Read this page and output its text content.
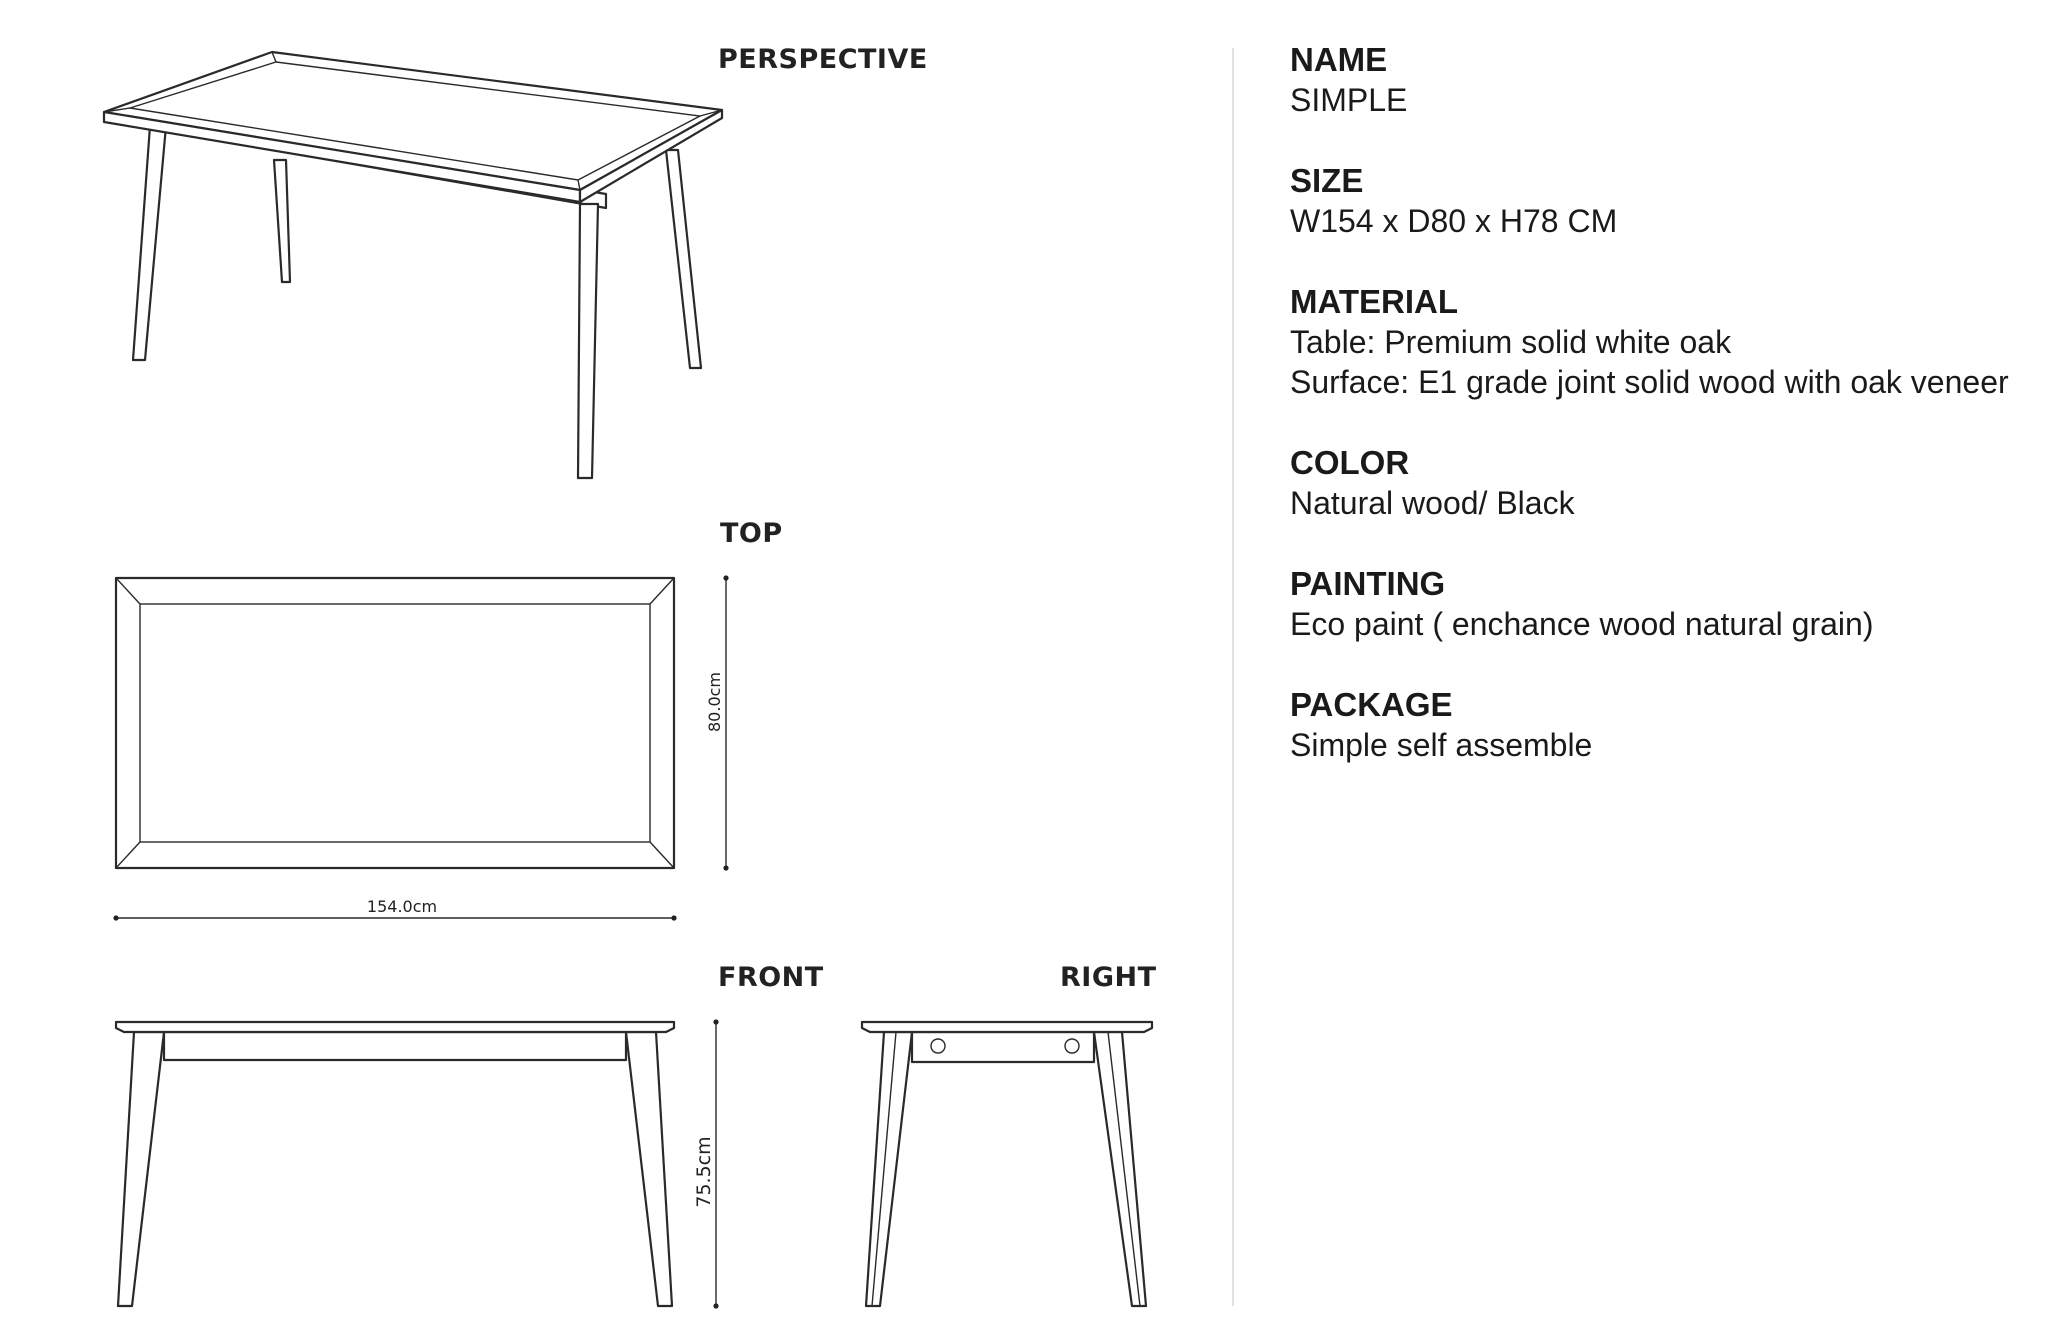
80.0cm
154.0cm
75.5cm
PERSPECTIVE
TOP
FRONT	RIGHT

NAME

SIMPLE

SIZE

W154 x D80 x H78 CM

MATERIAL

Table: Premium solid white oak

Surface: E1 grade joint solid wood with oak veneer

COLOR

Natural wood/ Black

PAINTING

Eco paint ( enchance wood natural grain)

PACKAGE

Simple self assemble
